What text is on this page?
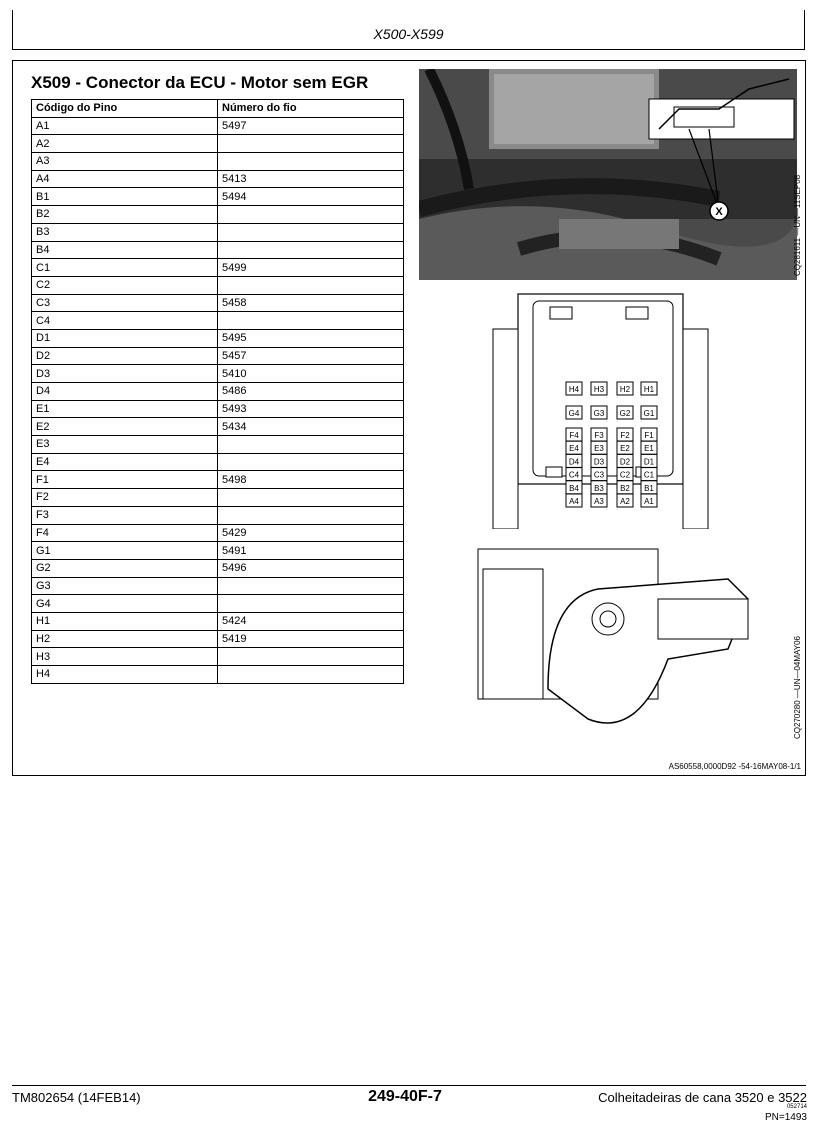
X500-X599
X509 - Conector da ECU - Motor sem EGR
Código do Pino	Número do fio
A1	5497
A2	
A3	
A4	5413
B1	5494
B2	
B3	
B4	
C1	5499
C2	
C3	5458
C4	
D1	5495
D2	5457
D3	5410
D4	5486
E1	5493
E2	5434
E3	
E4	
F1	5498
F2	
F3	
F4	5429
G1	5491
G2	5496
G3	
G4	
H1	5424
H2	5419
H3	
H4	
X	CQ281611 —UN—11SEP08
H4 H3 H2 H1
G4 G3 G2 G1
F4
E4
D4
C4
B4
A4
F3
E3
D3
C3
B3
A3
F2
E2
D2
C2
B2
A2
F1
E1
D1
C1
B1
A1
CQ270280 —UN—04MAY06
AS60558,0000D92 -54-16MAY08-1/1
TM802654 (14FEB14)	249-40F-7	Colheitadeiras de cana 3520 e 3522
052714
PN=1493
